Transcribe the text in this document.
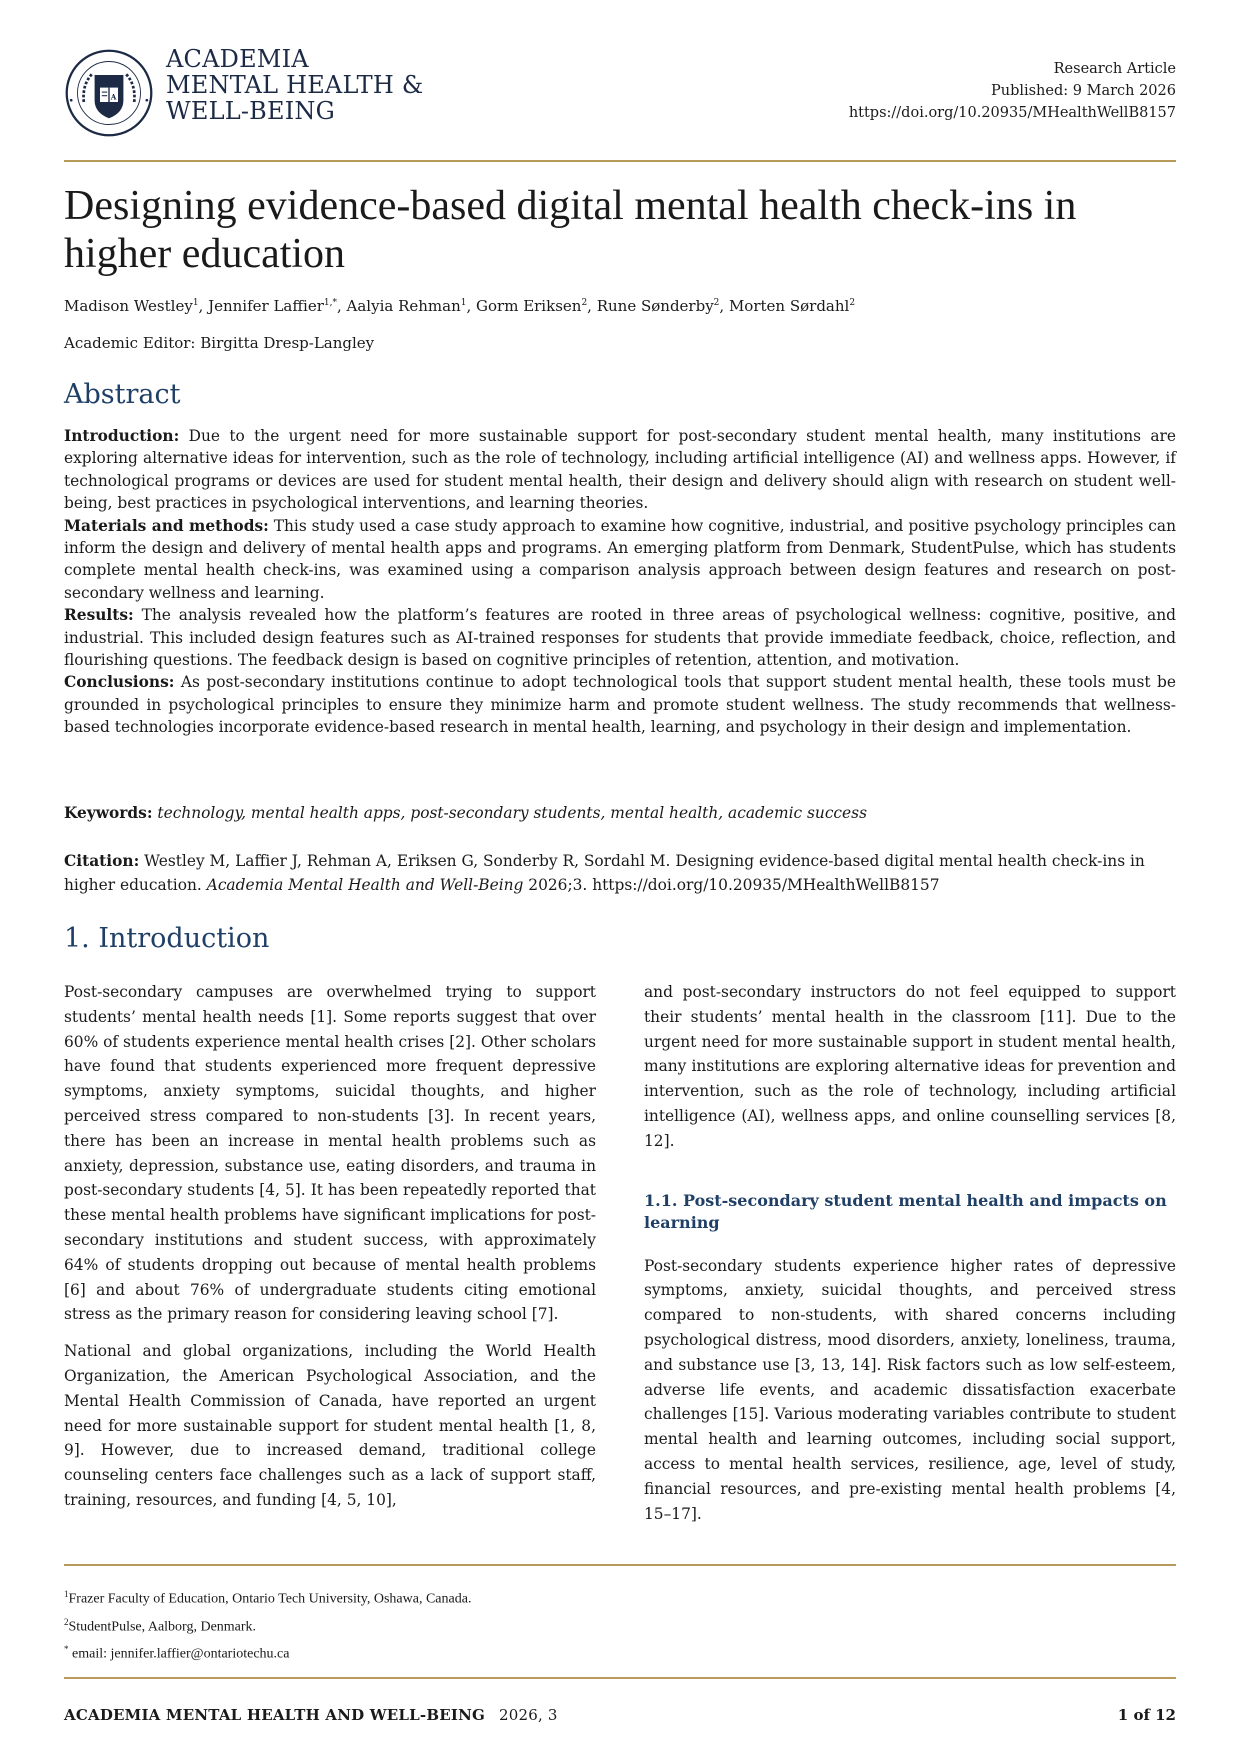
A
ACADEMIA
MENTAL HEALTH &
WELL-BEING
Research Article
Published: 9 March 2026
https://doi.org/10.20935/MHealthWellB8157
Designing evidence-based digital mental health check-ins in higher education
Madison Westley$^1$, Jennifer Laffier$^{1,*}$, Aalyia Rehman$^1$, Gorm Eriksen$^2$, Rune Sønderby$^2$, Morten Sørdahl$^2$
Academic Editor: Birgitta Dresp-Langley
Abstract

Introduction: Due to the urgent need for more sustainable support for post-secondary student mental health, many institutions are exploring alternative ideas for intervention, such as the role of technology, including artificial intelligence (AI) and wellness apps. However, if technological programs or devices are used for student mental health, their design and delivery should align with research on student well-being, best practices in psychological interventions, and learning theories.

Materials and methods: This study used a case study approach to examine how cognitive, industrial, and positive psychology principles can inform the design and delivery of mental health apps and programs. An emerging platform from Denmark, StudentPulse, which has students complete mental health check-ins, was examined using a comparison analysis approach between design features and research on post-secondary wellness and learning.

Results: The analysis revealed how the platform’s features are rooted in three areas of psychological wellness: cognitive, positive, and industrial. This included design features such as AI-trained responses for students that provide immediate feedback, choice, reflection, and flourishing questions. The feedback design is based on cognitive principles of retention, attention, and motivation.

Conclusions: As post-secondary institutions continue to adopt technological tools that support student mental health, these tools must be grounded in psychological principles to ensure they minimize harm and promote student wellness. The study recommends that wellness-based technologies incorporate evidence-based research in mental health, learning, and psychology in their design and implementation.

Keywords: technology, mental health apps, post-secondary students, mental health, academic success
Citation: Westley M, Laffier J, Rehman A, Eriksen G, Sonderby R, Sordahl M. Designing evidence-based digital mental health check-ins in higher education. Academia Mental Health and Well-Being 2026;3. https://doi.org/10.20935/MHealthWellB8157
1. Introduction

Post-secondary campuses are overwhelmed trying to support students’ mental health needs [1]. Some reports suggest that over 60% of students experience mental health crises [2]. Other scholars have found that students experienced more frequent depressive symptoms, anxiety symptoms, suicidal thoughts, and higher perceived stress compared to non-students [3]. In recent years, there has been an increase in mental health problems such as anxiety, depression, substance use, eating disorders, and trauma in post-secondary students [4, 5]. It has been repeatedly reported that these mental health problems have significant implications for post-secondary institutions and student success, with approximately 64% of students dropping out because of mental health problems [6] and about 76% of undergraduate students citing emotional stress as the primary reason for considering leaving school [7].

National and global organizations, including the World Health Organization, the American Psychological Association, and the Mental Health Commission of Canada, have reported an urgent need for more sustainable support for student mental health [1, 8, 9]. However, due to increased demand, traditional college counseling centers face challenges such as a lack of support staff, training, resources, and funding [4, 5, 10],

and post-secondary instructors do not feel equipped to support their students’ mental health in the classroom [11]. Due to the urgent need for more sustainable support in student mental health, many institutions are exploring alternative ideas for prevention and intervention, such as the role of technology, including artificial intelligence (AI), wellness apps, and online counselling services [8, 12].

1.1. Post-secondary student mental health and impacts on learning

Post-secondary students experience higher rates of depressive symptoms, anxiety, suicidal thoughts, and perceived stress compared to non-students, with shared concerns including psychological distress, mood disorders, anxiety, loneliness, trauma, and substance use [3, 13, 14]. Risk factors such as low self-esteem, adverse life events, and academic dissatisfaction exacerbate challenges [15]. Various moderating variables contribute to student mental health and learning outcomes, including social support, access to mental health services, resilience, age, level of study, financial resources, and pre-existing mental health problems [4, 15–17].

$^1$Frazer Faculty of Education, Ontario Tech University, Oshawa, Canada.
$^2$StudentPulse, Aalborg, Denmark.
* email: jennifer.laffier@ontariotechu.ca
ACADEMIA MENTAL HEALTH AND WELL-BEING 2026, 3	1 of 12
